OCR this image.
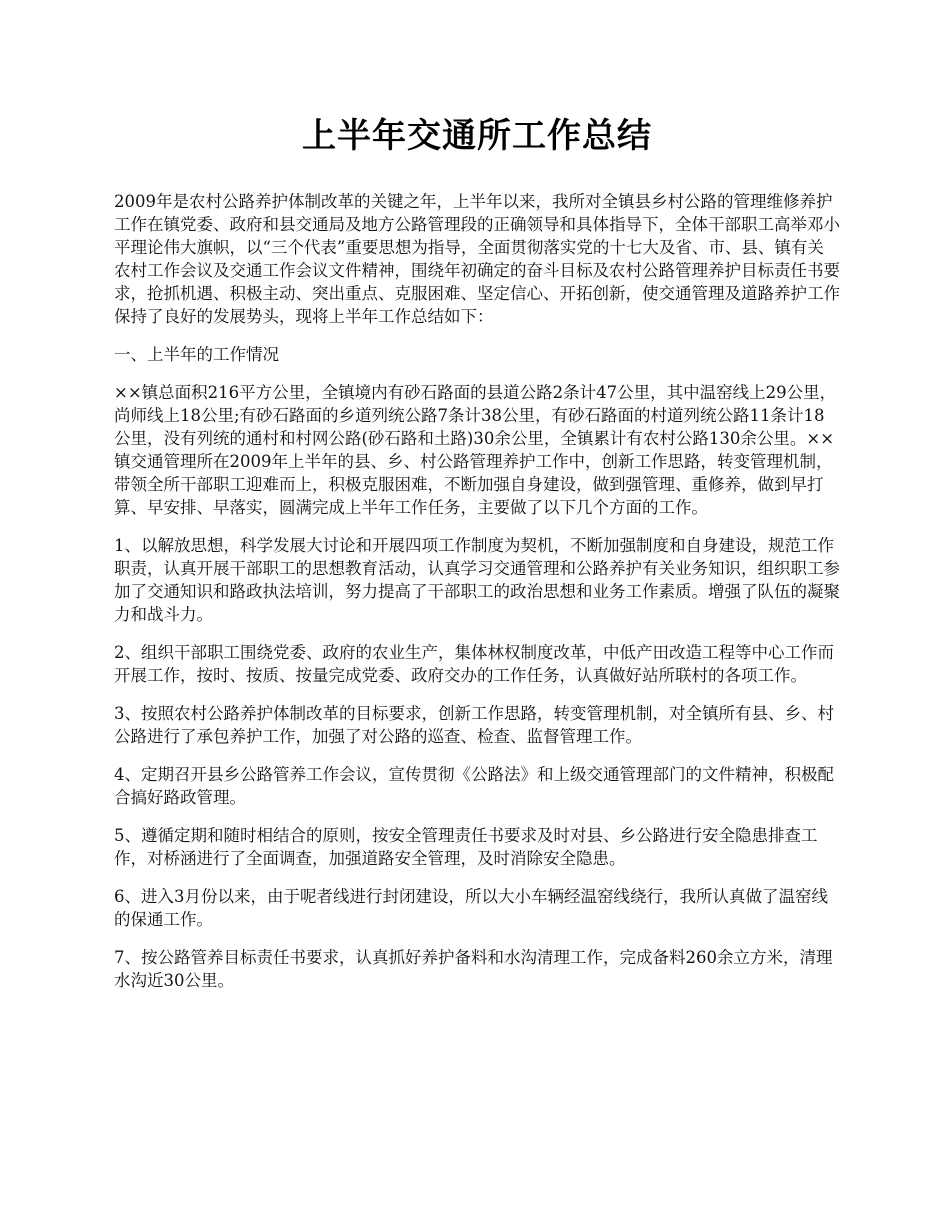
上半年交通所工作总结

2009年是农村公路养护体制改革的关键之年，上半年以来，我所对全镇县乡村公路的管理维修养护工作在镇党委、政府和县交通局及地方公路管理段的正确领导和具体指导下，全体干部职工高举邓小平理论伟大旗帜，以“三个代表”重要思想为指导，全面贯彻落实党的十七大及省、市、县、镇有关农村工作会议及交通工作会议文件精神，围绕年初确定的奋斗目标及农村公路管理养护目标责任书要求，抢抓机遇、积极主动、突出重点、克服困难、坚定信心、开拓创新，使交通管理及道路养护工作保持了良好的发展势头，现将上半年工作总结如下：

一、上半年的工作情况

××镇总面积216平方公里，全镇境内有砂石路面的县道公路2条计47公里，其中温窑线上29公里，尚师线上18公里;有砂石路面的乡道列统公路7条计38公里，有砂石路面的村道列统公路11条计18公里，没有列统的通村和村网公路(砂石路和土路)30余公里，全镇累计有农村公路130余公里。××镇交通管理所在2009年上半年的县、乡、村公路管理养护工作中，创新工作思路，转变管理机制，带领全所干部职工迎难而上，积极克服困难，不断加强自身建设，做到强管理、重修养，做到早打算、早安排、早落实，圆满完成上半年工作任务，主要做了以下几个方面的工作。

1、以解放思想，科学发展大讨论和开展四项工作制度为契机，不断加强制度和自身建设，规范工作职责，认真开展干部职工的思想教育活动，认真学习交通管理和公路养护有关业务知识，组织职工参加了交通知识和路政执法培训，努力提高了干部职工的政治思想和业务工作素质。增强了队伍的凝聚力和战斗力。

2、组织干部职工围绕党委、政府的农业生产，集体林权制度改革，中低产田改造工程等中心工作而开展工作，按时、按质、按量完成党委、政府交办的工作任务，认真做好站所联村的各项工作。

3、按照农村公路养护体制改革的目标要求，创新工作思路，转变管理机制，对全镇所有县、乡、村公路进行了承包养护工作，加强了对公路的巡查、检查、监督管理工作。

4、定期召开县乡公路管养工作会议，宣传贯彻《公路法》和上级交通管理部门的文件精神，积极配合搞好路政管理。

5、遵循定期和随时相结合的原则，按安全管理责任书要求及时对县、乡公路进行安全隐患排查工作，对桥涵进行了全面调查，加强道路安全管理，及时消除安全隐患。

6、进入3月份以来，由于呢者线进行封闭建设，所以大小车辆经温窑线绕行，我所认真做了温窑线的保通工作。

7、按公路管养目标责任书要求，认真抓好养护备料和水沟清理工作，完成备料260余立方米，清理水沟近30公里。
